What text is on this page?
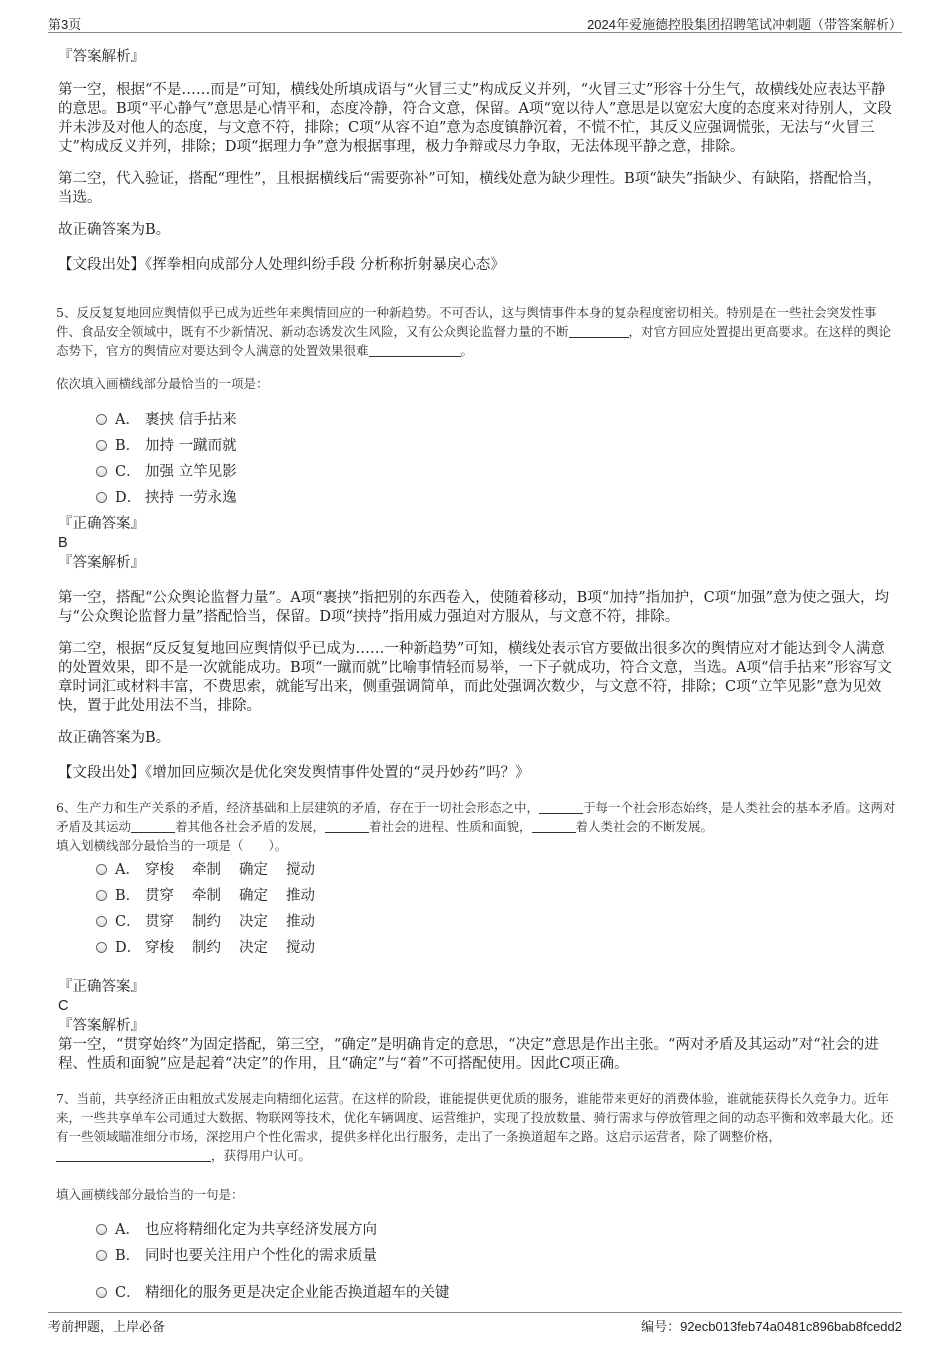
第3页	2024年爱施德控股集团招聘笔试冲刺题（带答案解析）
『答案解析』
第一空，根据“不是……而是”可知，横线处所填成语与“火冒三丈”构成反义并列，“火冒三丈”形容十分生气，故横线处应表达平静的意思。B项“平心静气”意思是心情平和，态度冷静，符合文意，保留。A项“宽以待人”意思是以宽宏大度的态度来对待别人，文段并未涉及对他人的态度，与文意不符，排除；C项“从容不迫”意为态度镇静沉着，不慌不忙，其反义应强调慌张，无法与“火冒三丈”构成反义并列，排除；D项“据理力争”意为根据事理，极力争辩或尽力争取，无法体现平静之意，排除。
第二空，代入验证，搭配“理性”，且根据横线后“需要弥补”可知，横线处意为缺少理性。B项“缺失”指缺少、有缺陷，搭配恰当，当选。
故正确答案为B。
【文段出处】《挥拳相向成部分人处理纠纷手段 分析称折射暴戾心态》
5、反反复复地回应舆情似乎已成为近些年来舆情回应的一种新趋势。不可否认，这与舆情事件本身的复杂程度密切相关。特别是在一些社会突发性事件、食品安全领域中，既有不少新情况、新动态诱发次生风险，又有公众舆论监督力量的不断	，对官方回应处置提出更高要求。在这样的舆论态势下，官方的舆情应对要达到令人满意的处置效果很难	。
依次填入画横线部分最恰当的一项是：
A． 裹挟 信手拈来
B． 加持 一蹴而就
C． 加强 立竿见影
D． 挟持 一劳永逸
『正确答案』
B
『答案解析』
第一空，搭配“公众舆论监督力量”。A项“裹挟”指把别的东西卷入，使随着移动，B项“加持”指加护，C项“加强”意为使之强大，均与“公众舆论监督力量”搭配恰当，保留。D项“挟持”指用威力强迫对方服从，与文意不符，排除。
第二空，根据“反反复复地回应舆情似乎已成为……一种新趋势”可知，横线处表示官方要做出很多次的舆情应对才能达到令人满意的处置效果，即不是一次就能成功。B项“一蹴而就”比喻事情轻而易举，一下子就成功，符合文意，当选。A项“信手拈来”形容写文章时词汇或材料丰富，不费思索，就能写出来，侧重强调简单，而此处强调次数少，与文意不符，排除；C项“立竿见影”意为见效快，置于此处用法不当，排除。
故正确答案为B。
【文段出处】《增加回应频次是优化突发舆情事件处置的“灵丹妙药”吗？》
6、生产力和生产关系的矛盾，经济基础和上层建筑的矛盾，存在于一切社会形态之中，	于每一个社会形态始终，是人类社会的基本矛盾。这两对矛盾及其运动	着其他各社会矛盾的发展，	着社会的进程、性质和面貌，	着人类社会的不断发展。
填入划横线部分最恰当的一项是（　　）。
A． 穿梭 牵制 确定 搅动
B． 贯穿 牵制 确定 推动
C． 贯穿 制约 决定 推动
D． 穿梭 制约 决定 搅动
『正确答案』
C
『答案解析』
第一空，“贯穿始终”为固定搭配，第三空，“确定”是明确肯定的意思，“决定”意思是作出主张。“两对矛盾及其运动”对“社会的进程、性质和面貌”应是起着“决定”的作用，且“确定”与“着”不可搭配使用。因此C项正确。
7、当前，共享经济正由粗放式发展走向精细化运营。在这样的阶段，谁能提供更优质的服务，谁能带来更好的消费体验，谁就能获得长久竞争力。近年来，一些共享单车公司通过大数据、物联网等技术，优化车辆调度、运营维护，实现了投放数量、骑行需求与停放管理之间的动态平衡和效率最大化。还有一些领域瞄准细分市场，深挖用户个性化需求，提供多样化出行服务，走出了一条换道超车之路。这启示运营者，除了调整价格，，获得用户认可。
填入画横线部分最恰当的一句是：
A． 也应将精细化定为共享经济发展方向
B． 同时也要关注用户个性化的需求质量
C． 精细化的服务更是决定企业能否换道超车的关键
考前押题，上岸必备	编号：92ecb013feb74a0481c896bab8fcedd2
